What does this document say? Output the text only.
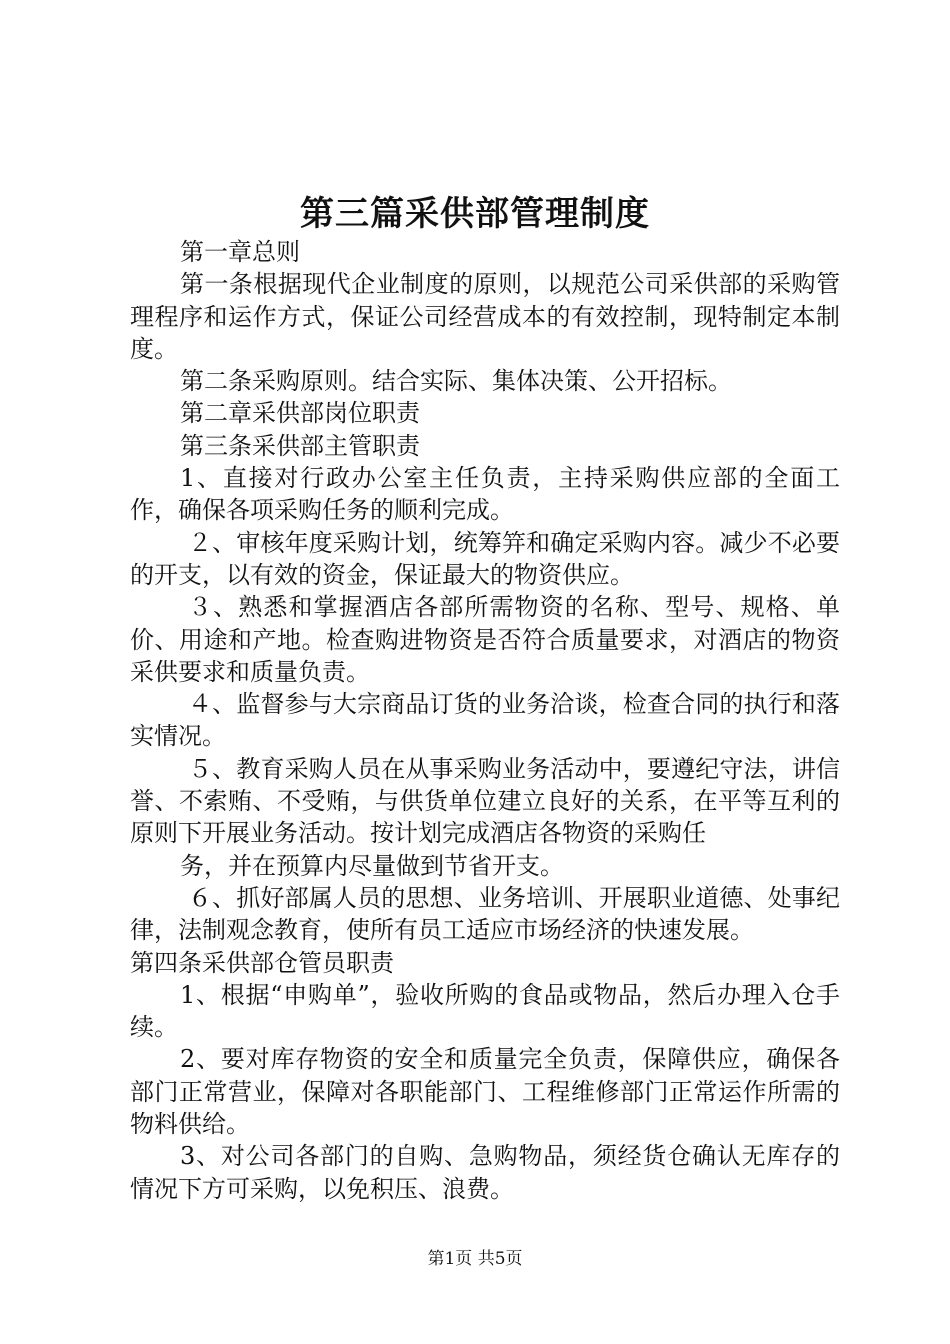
第三篇采供部管理制度

第一章总则

第一条根据现代企业制度的原则，以规范公司采供部的采购管理程序和运作方式，保证公司经营成本的有效控制，现特制定本制度。

第二条采购原则。结合实际、集体决策、公开招标。

第二章采供部岗位职责

第三条采供部主管职责

1、直接对行政办公室主任负责，主持采购供应部的全面工作，确保各项采购任务的顺利完成。

２、审核年度采购计划，统筹笄和确定采购内容。减少不必要的开支，以有效的资金，保证最大的物资供应。

３、熟悉和掌握酒店各部所需物资的名称、型号、规格、单价、用途和产地。检查购进物资是否符合质量要求，对酒店的物资采供要求和质量负责。

４、监督参与大宗商品订货的业务洽谈，检查合同的执行和落实情况。

５、教育采购人员在从事采购业务活动中，要遵纪守法，讲信誉、不索贿、不受贿，与供货单位建立良好的关系，在平等互利的原则下开展业务活动。按计划完成酒店各物资的采购任

务，并在预算内尽量做到节省开支。

６、抓好部属人员的思想、业务培训、开展职业道德、处事纪律，法制观念教育，使所有员工适应市场经济的快速发展。

第四条采供部仓管员职责

1、根据“申购单”，验收所购的食品或物品，然后办理入仓手续。

2、要对库存物资的安全和质量完全负责，保障供应，确保各部门正常营业，保障对各职能部门、工程维修部门正常运作所需的物料供给。

3、对公司各部门的自购、急购物品，须经货仓确认无库存的情况下方可采购，以免积压、浪费。

第1页 共5页
